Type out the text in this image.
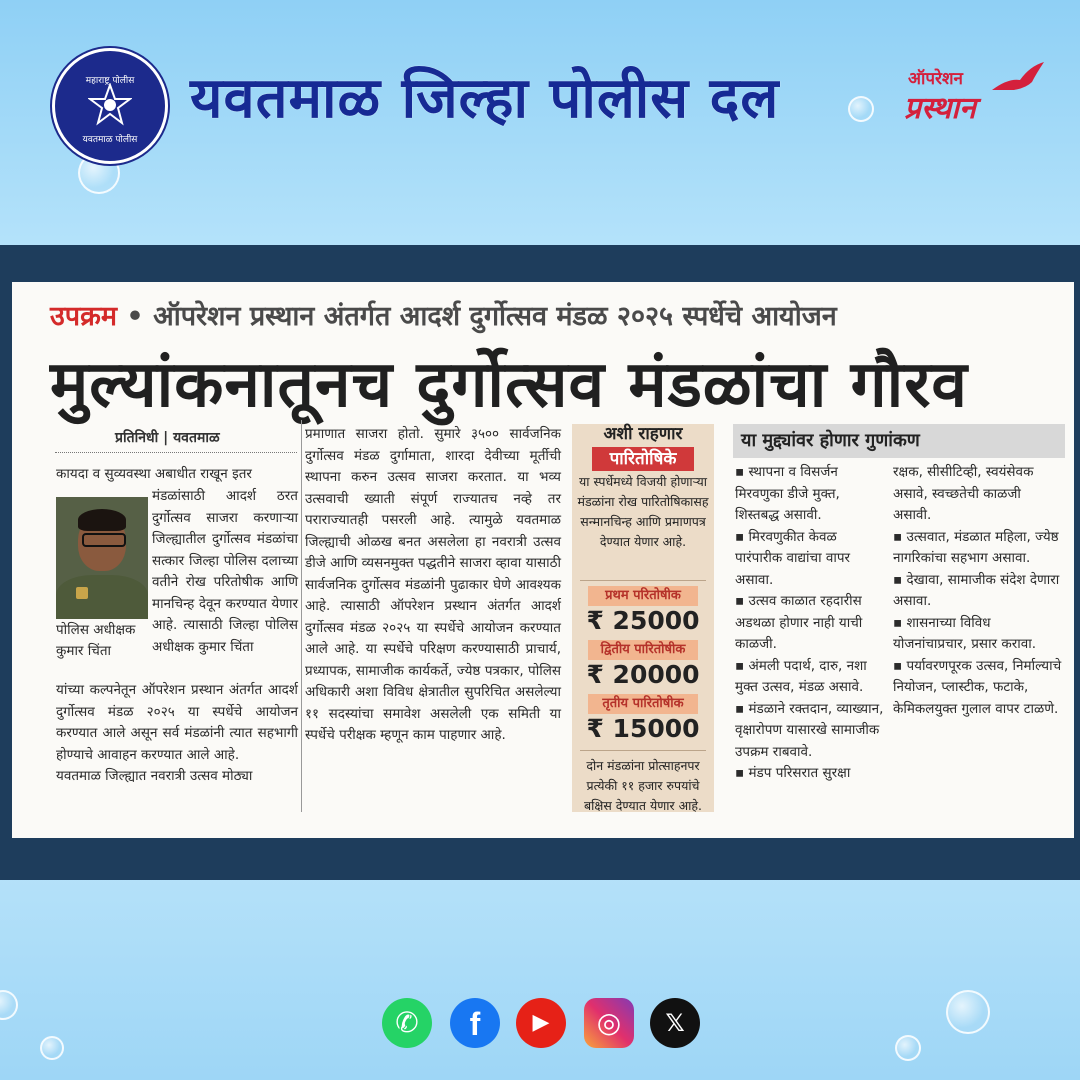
महाराष्ट्र पोलीस
यवतमाळ पोलीस
यवतमाळ जिल्हा पोलीस दल	ऑपरेशन
प्रस्थान
उपक्रम • ऑपरेशन प्रस्थान अंतर्गत आदर्श दुर्गोत्सव मंडळ २०२५ स्पर्धेचे आयोजन
मुल्यांकनातूनच दुर्गोत्सव मंडळांचा गौरव
प्रतिनिधी | यवतमाळ
कायदा व सुव्यवस्था अबाधीत राखून इतर
मंडळांसाठी आदर्श ठरत दुर्गोत्सव साजरा करणाऱ्या जिल्ह्यातील दुर्गोत्सव मंडळांचा सत्कार जिल्हा पोलिस दलाच्या वतीने रोख परितोषीक आणि मानचिन्ह देवून करण्यात येणार आहे. त्यासाठी जिल्हा पोलिस अधीक्षक कुमार चिंता
पोलिस अधीक्षक कुमार चिंता
यांच्या कल्पनेतून ऑपरेशन प्रस्थान अंतर्गत आदर्श दुर्गोत्सव मंडळ २०२५ या स्पर्धेचे आयोजन करण्यात आले असून सर्व मंडळांनी त्यात सहभागी होण्याचे आवाहन करण्यात आले आहे.
यवतमाळ जिल्ह्यात नवरात्री उत्सव मोठ्या
प्रमाणात साजरा होतो. सुमारे ३५०० सार्वजनिक दुर्गोत्सव मंडळ दुर्गामाता, शारदा देवीच्या मूर्तीची स्थापना करुन उत्सव साजरा करतात. या भव्य उत्सवाची ख्याती संपूर्ण राज्यातच नव्हे तर पराराज्यातही पसरली आहे. त्यामुळे यवतमाळ जिल्ह्याची ओळख बनत असलेला हा नवरात्री उत्सव डीजे आणि व्यसनमुक्त पद्धतीने साजरा व्हावा यासाठी सार्वजनिक दुर्गोत्सव मंडळांनी पुढाकार घेणे आवश्यक आहे. त्यासाठी ऑपरेशन प्रस्थान अंतर्गत आदर्श दुर्गोत्सव मंडळ २०२५ या स्पर्धेचे आयोजन करण्यात आले आहे. या स्पर्धेचे परिक्षण करण्यासाठी प्राचार्य, प्रध्यापक, सामाजीक कार्यकर्ते, ज्येष्ठ पत्रकार, पोलिस अधिकारी अशा विविध क्षेत्रातील सुपरिचित असलेल्या ११ सदस्यांचा समावेश असलेली एक समिती या स्पर्धेचे परीक्षक म्हणून काम पाहणार आहे.
अशी राहणार
पारितोषिके
या स्पर्धेमध्ये विजयी होणाऱ्या मंडळांना रोख पारितोषिकासह सन्मानचिन्ह आणि प्रमाणपत्र देण्यात येणार आहे.
प्रथम परितोषीक
₹ 25000
द्वितीय पारितोषीक
₹ 20000
तृतीय पारितोषीक
₹ 15000
दोन मंडळांना प्रोत्साहनपर प्रत्येकी ११ हजार रुपयांचे बक्षिस देण्यात येणार आहे.
या मुद्द्यांवर होणार गुणांकण
▪ स्थापना व विसर्जन मिरवणुका डीजे मुक्त, शिस्तबद्ध असावी.
▪ मिरवणुकीत केवळ पारंपारीक वाद्यांचा वापर असावा.
▪ उत्सव काळात रहदारीस अडथळा होणार नाही याची काळजी.
▪ अंमली पदार्थ, दारु, नशा मुक्त उत्सव, मंडळ असावे.
▪ मंडळाने रक्तदान, व्याख्यान, वृक्षारोपण यासारखे सामाजीक उपक्रम राबवावे.
▪ मंडप परिसरात सुरक्षा
रक्षक, सीसीटिव्ही, स्वयंसेवक असावे, स्वच्छतेची काळजी असावी.
▪ उत्सवात, मंडळात महिला, ज्येष्ठ नागरिकांचा सहभाग असावा.
▪ देखावा, सामाजीक संदेश देणारा असावा.
▪ शासनाच्या विविध योजनांचाप्रचार, प्रसार करावा.
▪ पर्यावरणपूरक उत्सव, निर्माल्याचे नियोजन, प्लास्टीक, फटाके, केमिकलयुक्त गुलाल वापर टाळणे.
✆	f	▶	◎	𝕏
